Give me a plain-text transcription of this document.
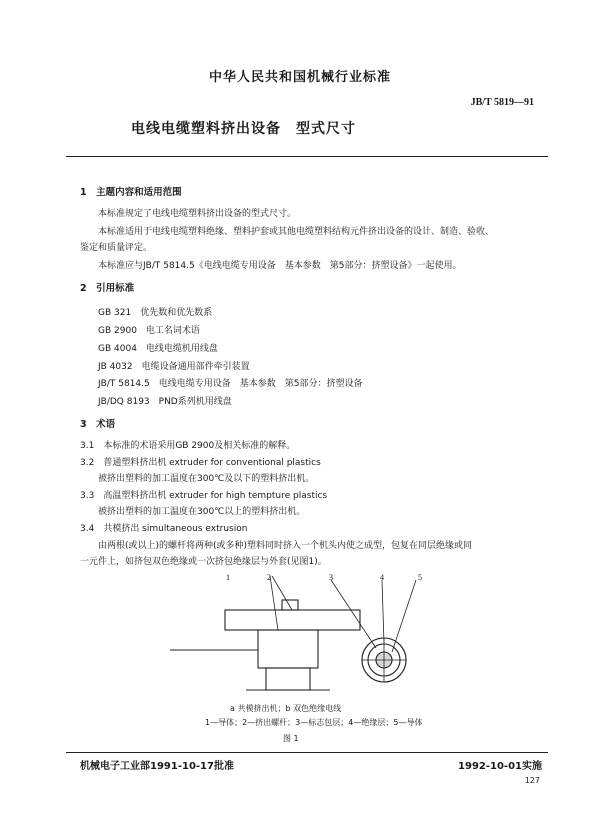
中华人民共和国机械行业标准
JB/T 5819—91
电线电缆塑料挤出设备　型式尺寸
1　主题内容和适用范围
本标准规定了电线电缆塑料挤出设备的型式尺寸。
本标准适用于电线电缆塑料绝缘、塑料护套或其他电缆塑料结构元件挤出设备的设计、制造、验收、
鉴定和质量评定。
本标准应与JB/T 5814.5《电线电缆专用设备　基本参数　第5部分：挤塑设备》一起使用。
2　引用标准
GB 321　优先数和优先数系
GB 2900　电工名词术语
GB 4004　电线电缆机用线盘
JB 4032　电缆设备通用部件牵引装置
JB/T 5814.5　电线电缆专用设备　基本参数　第5部分：挤塑设备
JB/DQ 8193　PND系列机用线盘
3　术语
3.1　本标准的术语采用GB 2900及相关标准的解释。
3.2　普通塑料挤出机 extruder for conventional plastics
被挤出塑料的加工温度在300℃及以下的塑料挤出机。
3.3　高温塑料挤出机 extruder for high tempture plastics
被挤出塑料的加工温度在300℃以上的塑料挤出机。
3.4　共模挤出 simultaneous extrusion
由两根(或以上)的螺杆将两种(或多种)塑料同时挤入一个机头内使之成型，包复在同层绝缘或同
一元件上，如挤包双色绝缘或一次挤包绝缘层与外套(见图1)。
1	2	3	4	5
a 共模挤出机；b 双色绝缘电线
1—导体；2—挤出螺杆；3—标志包层；4—绝缘层；5—导体
图 1
机械电子工业部1991-10-17批准	1992-10-01实施
127
